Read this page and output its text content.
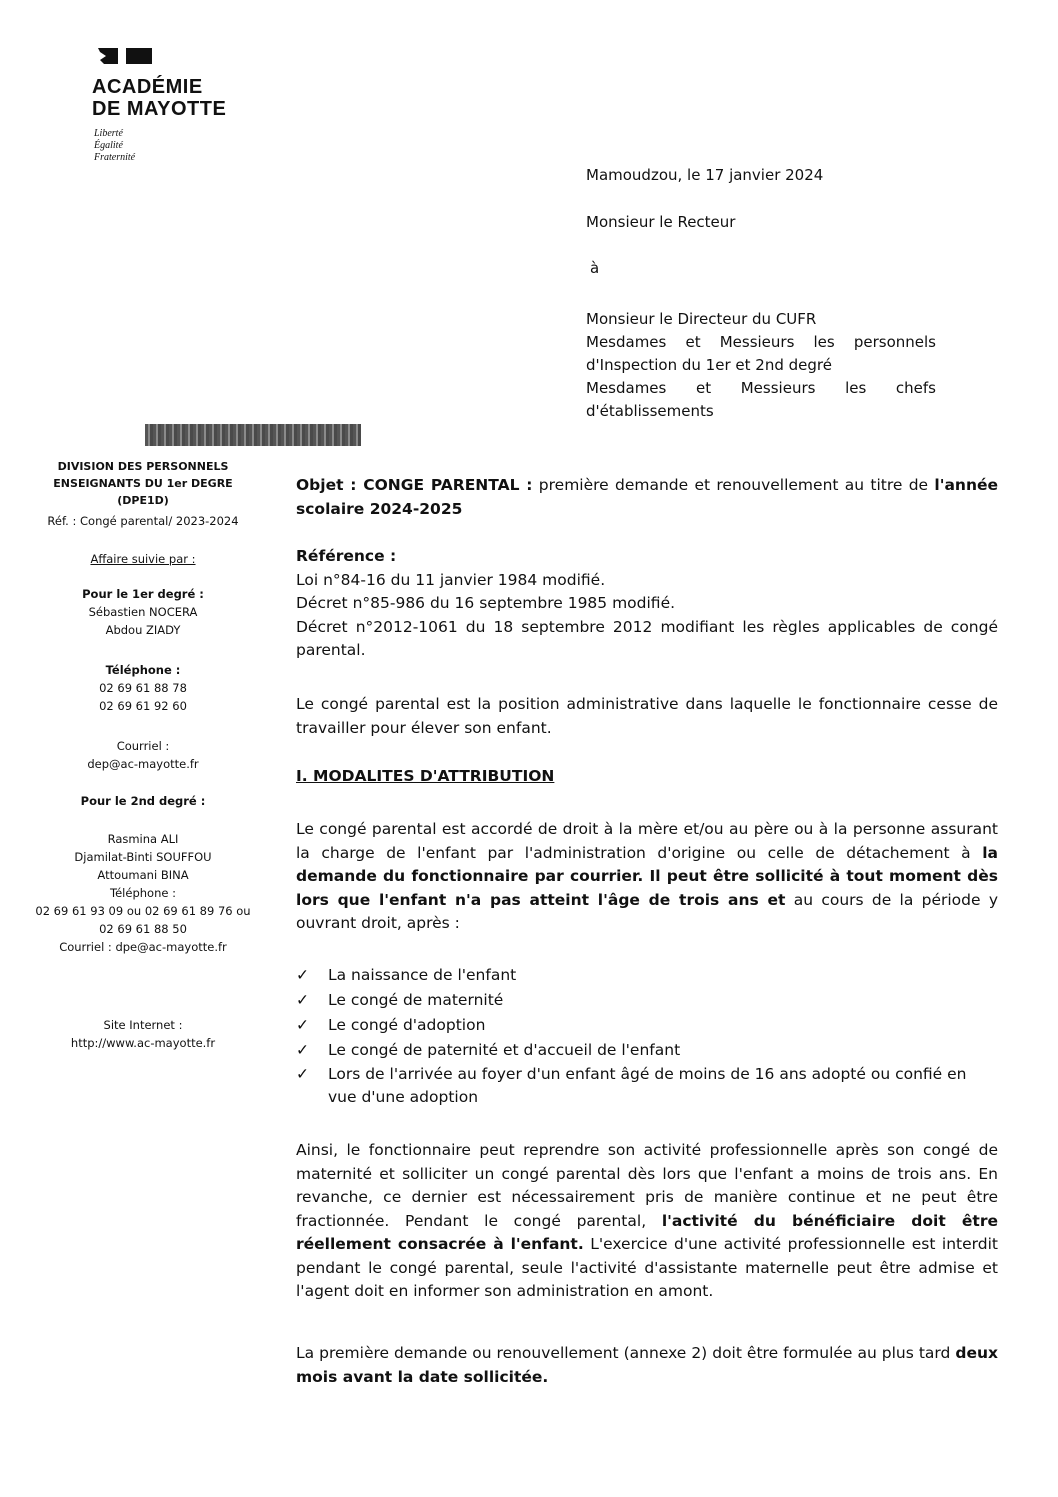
ACADÉMIE
DE MAYOTTE
Liberté
Égalité
Fraternité
Mamoudzou, le 17 janvier 2024
Monsieur le Recteur
à
Monsieur le Directeur du CUFR
Mesdames et Messieurs les personnels
d'Inspection du 1er et 2nd degré
Mesdames et Messieurs les chefs
d'établissements
DIVISION DES PERSONNELS
ENSEIGNANTS DU 1er DEGRE (DPE1D)
Réf. : Congé parental/ 2023-2024
Affaire suivie par :
Pour le 1er degré :
Sébastien NOCERA
Abdou ZIADY
Téléphone :
02 69 61 88 78
02 69 61 92 60
Courriel :
dep@ac-mayotte.fr
Pour le 2nd degré :
Rasmina ALI
Djamilat-Binti SOUFFOU
Attoumani BINA
Téléphone :
02 69 61 93 09 ou 02 69 61 89 76 ou
02 69 61 88 50
Courriel : dpe@ac-mayotte.fr
Site Internet :
http://www.ac-mayotte.fr
Objet : CONGE PARENTAL : première demande et renouvellement au titre de l'année scolaire 2024-2025
Référence :
Loi n°84-16 du 11 janvier 1984 modifié.
Décret n°85-986 du 16 septembre 1985 modifié.
Décret n°2012-1061 du 18 septembre 2012 modifiant les règles applicables de congé parental.
Le congé parental est la position administrative dans laquelle le fonctionnaire cesse de travailler pour élever son enfant.
I. MODALITES D'ATTRIBUTION
Le congé parental est accordé de droit à la mère et/ou au père ou à la personne assurant la charge de l'enfant par l'administration d'origine ou celle de détachement à la demande du fonctionnaire par courrier. Il peut être sollicité à tout moment dès lors que l'enfant n'a pas atteint l'âge de trois ans et au cours de la période y ouvrant droit, après :
✓ La naissance de l'enfant
✓ Le congé de maternité
✓ Le congé d'adoption
✓ Le congé de paternité et d'accueil de l'enfant
✓ Lors de l'arrivée au foyer d'un enfant âgé de moins de 16 ans adopté ou confié en vue d'une adoption
Ainsi, le fonctionnaire peut reprendre son activité professionnelle après son congé de maternité et solliciter un congé parental dès lors que l'enfant a moins de trois ans. En revanche, ce dernier est nécessairement pris de manière continue et ne peut être fractionnée. Pendant le congé parental, l'activité du bénéficiaire doit être réellement consacrée à l'enfant. L'exercice d'une activité professionnelle est interdit pendant le congé parental, seule l'activité d'assistante maternelle peut être admise et l'agent doit en informer son administration en amont.
La première demande ou renouvellement (annexe 2) doit être formulée au plus tard deux mois avant la date sollicitée.
